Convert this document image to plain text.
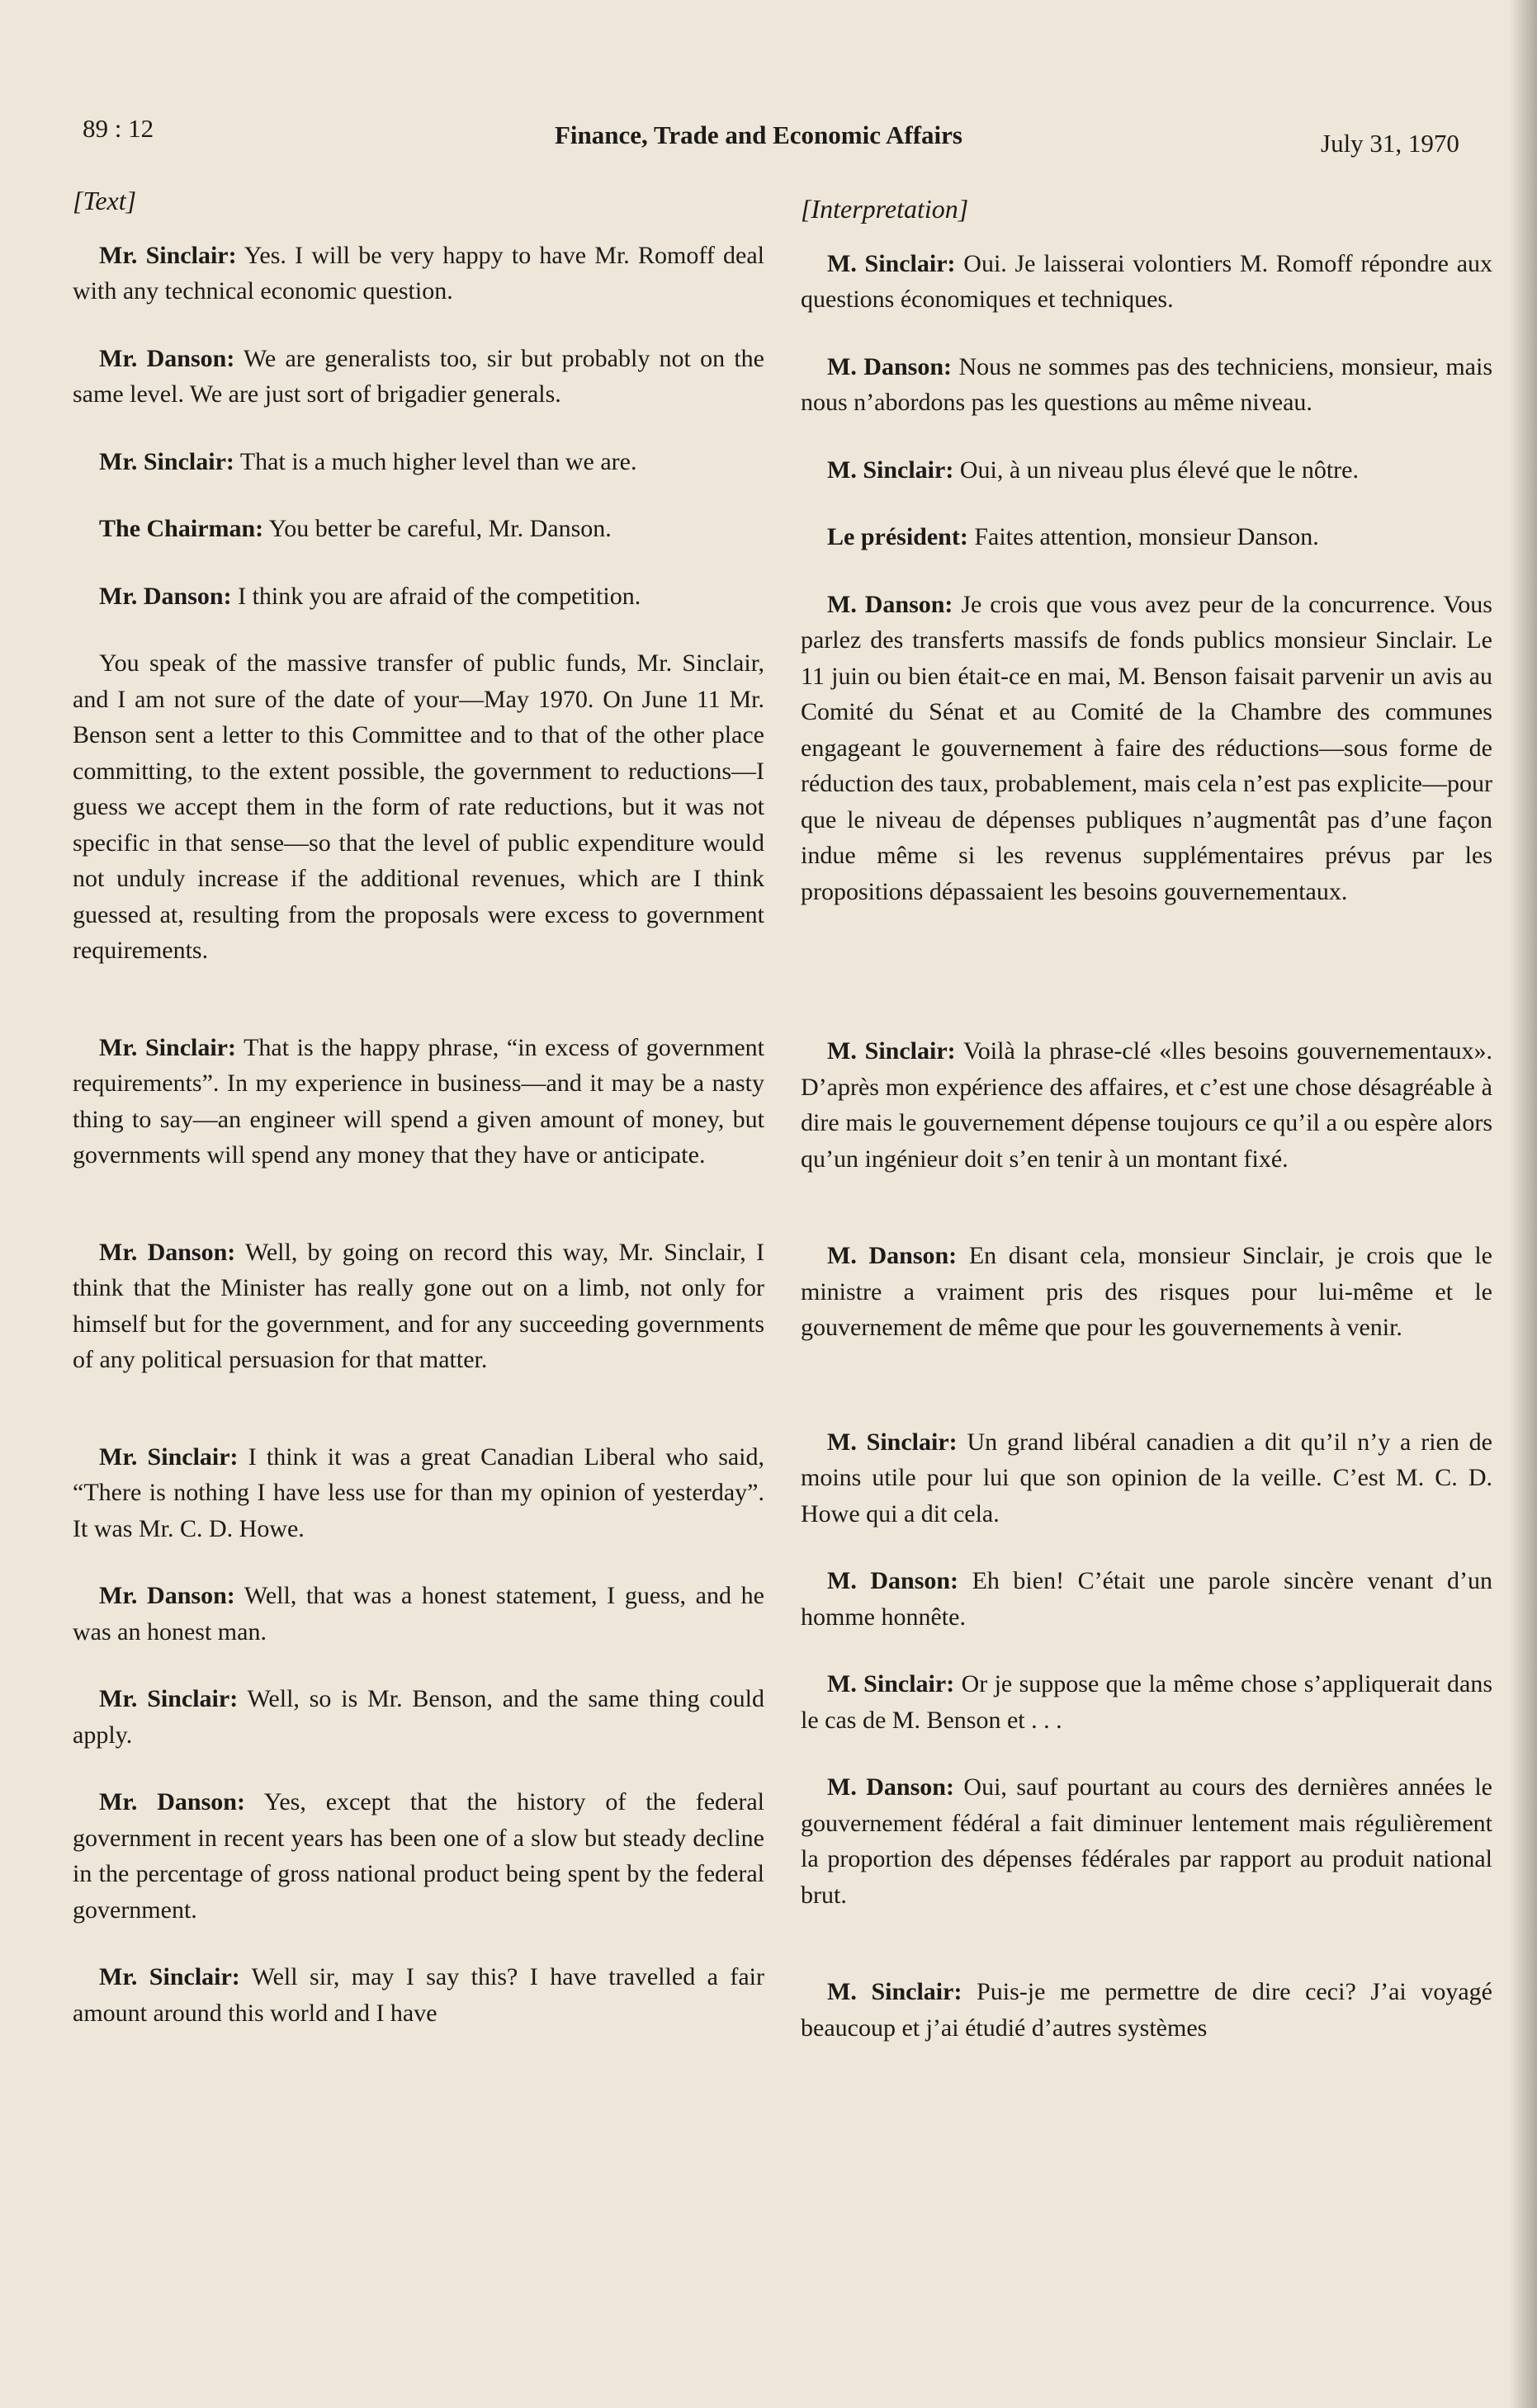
89 : 12	Finance, Trade and Economic Affairs	July 31, 1970
[Text]

Mr. Sinclair: Yes. I will be very happy to have Mr. Romoff deal with any technical economic question.

Mr. Danson: We are generalists too, sir but probably not on the same level. We are just sort of brigadier generals.

Mr. Sinclair: That is a much higher level than we are.

The Chairman: You better be careful, Mr. Danson.

Mr. Danson: I think you are afraid of the competition.

You speak of the massive transfer of public funds, Mr. Sinclair, and I am not sure of the date of your—May 1970. On June 11 Mr. Benson sent a letter to this Committee and to that of the other place committing, to the extent possible, the government to reductions—I guess we accept them in the form of rate reductions, but it was not specific in that sense—so that the level of public expenditure would not unduly increase if the additional revenues, which are I think guessed at, resulting from the proposals were excess to government requirements.

Mr. Sinclair: That is the happy phrase, “in excess of government requirements”. In my experience in business—and it may be a nasty thing to say—an engineer will spend a given amount of money, but governments will spend any money that they have or anticipate.

Mr. Danson: Well, by going on record this way, Mr. Sinclair, I think that the Minister has really gone out on a limb, not only for himself but for the government, and for any succeeding governments of any political persuasion for that matter.

Mr. Sinclair: I think it was a great Canadian Liberal who said, “There is nothing I have less use for than my opinion of yesterday”. It was Mr. C. D. Howe.

Mr. Danson: Well, that was a honest statement, I guess, and he was an honest man.

Mr. Sinclair: Well, so is Mr. Benson, and the same thing could apply.

Mr. Danson: Yes, except that the history of the federal government in recent years has been one of a slow but steady decline in the percentage of gross national product being spent by the federal government.

Mr. Sinclair: Well sir, may I say this? I have travelled a fair amount around this world and I have

[Interpretation]

M. Sinclair: Oui. Je laisserai volontiers M. Romoff répondre aux questions économiques et techniques.

M. Danson: Nous ne sommes pas des techniciens, monsieur, mais nous n’abordons pas les questions au même niveau.

M. Sinclair: Oui, à un niveau plus élevé que le nôtre.

Le président: Faites attention, monsieur Danson.

M. Danson: Je crois que vous avez peur de la concurrence. Vous parlez des transferts massifs de fonds publics monsieur Sinclair. Le 11 juin ou bien était-ce en mai, M. Benson faisait parvenir un avis au Comité du Sénat et au Comité de la Chambre des communes engageant le gouvernement à faire des réductions—sous forme de réduction des taux, probablement, mais cela n’est pas explicite—pour que le niveau de dépenses publiques n’augmentât pas d’une façon indue même si les revenus supplémentaires prévus par les propositions dépassaient les besoins gouvernementaux.

M. Sinclair: Voilà la phrase-clé «lles besoins gouvernementaux». D’après mon expérience des affaires, et c’est une chose désagréable à dire mais le gouvernement dépense toujours ce qu’il a ou espère alors qu’un ingénieur doit s’en tenir à un montant fixé.

M. Danson: En disant cela, monsieur Sinclair, je crois que le ministre a vraiment pris des risques pour lui-même et le gouvernement de même que pour les gouvernements à venir.

M. Sinclair: Un grand libéral canadien a dit qu’il n’y a rien de moins utile pour lui que son opinion de la veille. C’est M. C. D. Howe qui a dit cela.

M. Danson: Eh bien! C’était une parole sincère venant d’un homme honnête.

M. Sinclair: Or je suppose que la même chose s’appliquerait dans le cas de M. Benson et . . .

M. Danson: Oui, sauf pourtant au cours des dernières années le gouvernement fédéral a fait diminuer lentement mais régulièrement la proportion des dépenses fédérales par rapport au produit national brut.

M. Sinclair: Puis-je me permettre de dire ceci? J’ai voyagé beaucoup et j’ai étudié d’autres systèmes
